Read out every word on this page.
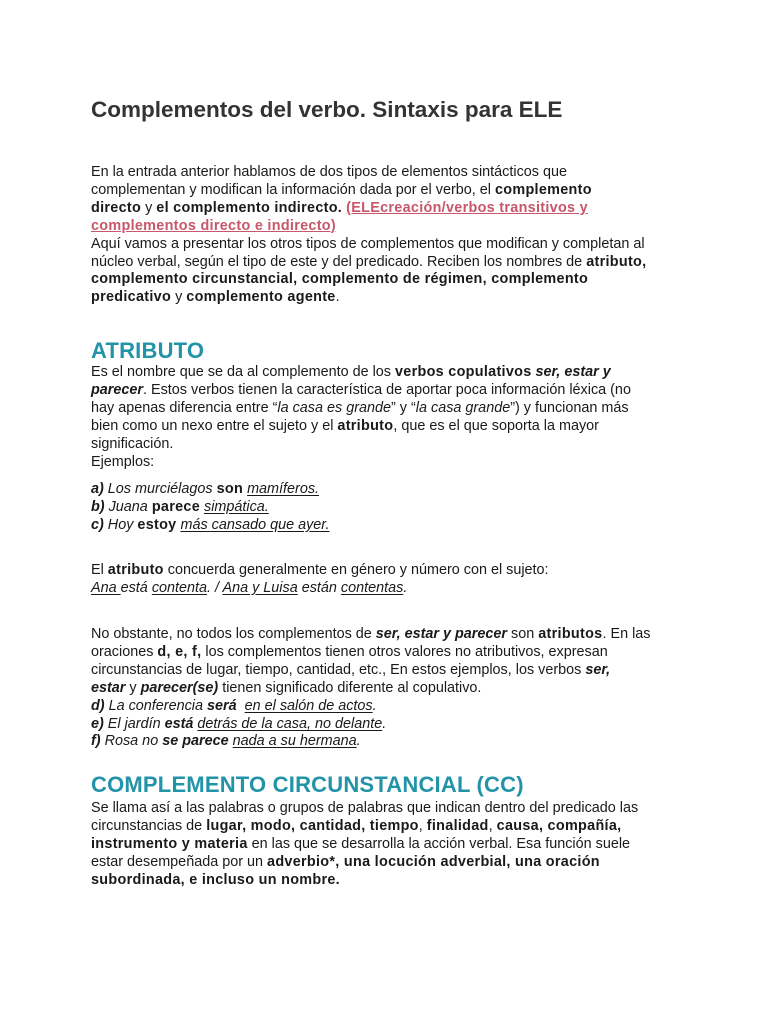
Complementos del verbo. Sintaxis para ELE

En la entrada anterior hablamos de dos tipos de elementos sintácticos que

complementan y modifican la información dada por el verbo, el complemento

directo y el complemento indirecto. (ELEcreación/verbos transitivos y

complementos directo e indirecto)

Aquí vamos a presentar los otros tipos de complementos que modifican y completan al

núcleo verbal, según el tipo de este y del predicado. Reciben los nombres de atributo,

complemento circunstancial, complemento de régimen, complemento

predicativo y complemento agente.

ATRIBUTO

Es el nombre que se da al complemento de los verbos copulativos ser, estar y

parecer. Estos verbos tienen la característica de aportar poca información léxica (no

hay apenas diferencia entre “la casa es grande” y “la casa grande”) y funcionan más

bien como un nexo entre el sujeto y el atributo, que es el que soporta la mayor

significación.

Ejemplos:

a) Los murciélagos son mamíferos.

b) Juana parece simpática.

c) Hoy estoy más cansado que ayer.

El atributo concuerda generalmente en género y número con el sujeto:

Ana está contenta. / Ana y Luisa están contentas.

No obstante, no todos los complementos de ser, estar y parecer son atributos. En las

oraciones d, e, f, los complementos tienen otros valores no atributivos, expresan

circunstancias de lugar, tiempo, cantidad, etc., En estos ejemplos, los verbos ser,

estar y parecer(se) tienen significado diferente al copulativo.

d) La conferencia será en el salón de actos.

e) El jardín está detrás de la casa, no delante.

f) Rosa no se parece nada a su hermana.

COMPLEMENTO CIRCUNSTANCIAL (CC)

Se llama así a las palabras o grupos de palabras que indican dentro del predicado las

circunstancias de lugar, modo, cantidad, tiempo, finalidad, causa, compañía,

instrumento y materia en las que se desarrolla la acción verbal. Esa función suele

estar desempeñada por un adverbio*, una locución adverbial, una oración

subordinada, e incluso un nombre.
